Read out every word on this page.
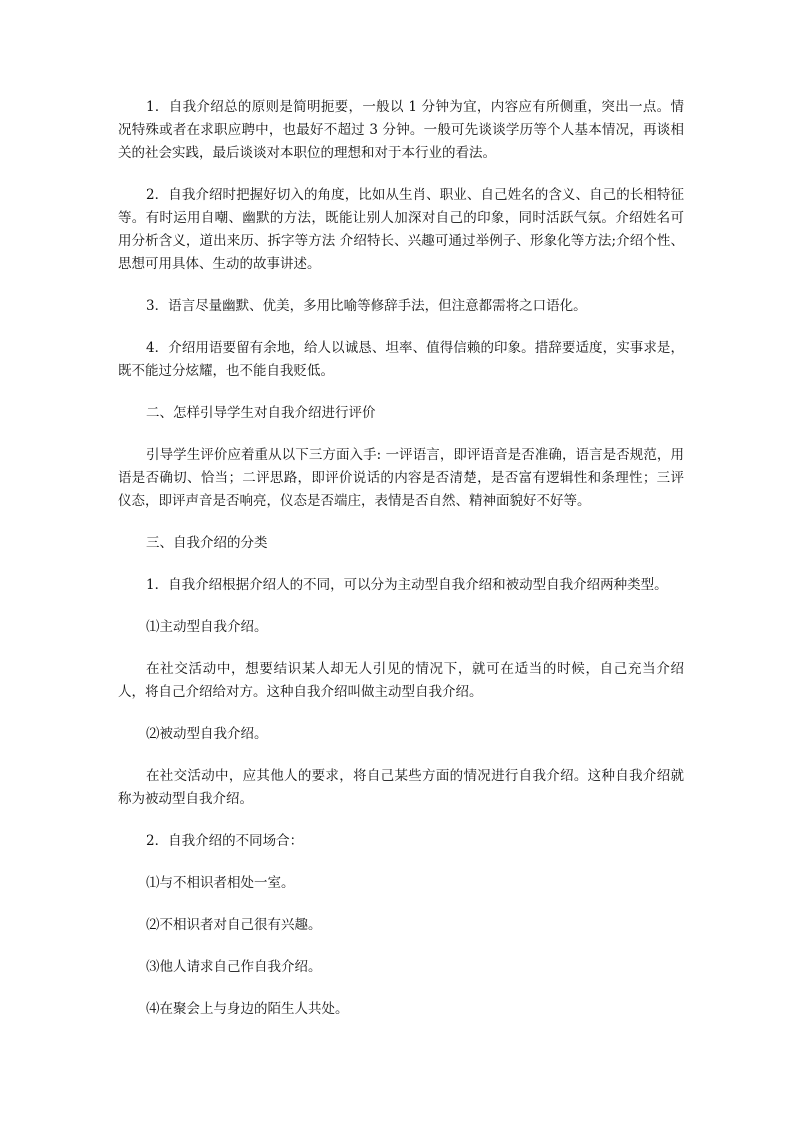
1．自我介绍总的原则是简明扼要，一般以 1 分钟为宜，内容应有所侧重，突出一点。情况特殊或者在求职应聘中，也最好不超过 3 分钟。一般可先谈谈学历等个人基本情况，再谈相关的社会实践，最后谈谈对本职位的理想和对于本行业的看法。

2．自我介绍时把握好切入的角度，比如从生肖、职业、自己姓名的含义、自己的长相特征等。有时运用自嘲、幽默的方法，既能让别人加深对自己的印象，同时活跃气氛。介绍姓名可用分析含义，道出来历、拆字等方法 介绍特长、兴趣可通过举例子、形象化等方法;介绍个性、思想可用具体、生动的故事讲述。

3．语言尽量幽默、优美，多用比喻等修辞手法，但注意都需将之口语化。

4．介绍用语要留有余地，给人以诚恳、坦率、值得信赖的印象。措辞要适度，实事求是，既不能过分炫耀，也不能自我贬低。

二、怎样引导学生对自我介绍进行评价

引导学生评价应着重从以下三方面入手: 一评语言，即评语音是否准确，语言是否规范，用语是否确切、恰当；二评思路，即评价说话的内容是否清楚，是否富有逻辑性和条理性；三评仪态，即评声音是否响亮，仪态是否端庄，表情是否自然、精神面貌好不好等。

三、自我介绍的分类

1．自我介绍根据介绍人的不同，可以分为主动型自我介绍和被动型自我介绍两种类型。

⑴主动型自我介绍。

在社交活动中，想要结识某人却无人引见的情况下，就可在适当的时候，自己充当介绍人，将自己介绍给对方。这种自我介绍叫做主动型自我介绍。

⑵被动型自我介绍。

在社交活动中，应其他人的要求，将自己某些方面的情况进行自我介绍。这种自我介绍就称为被动型自我介绍。

2．自我介绍的不同场合：

⑴与不相识者相处一室。

⑵不相识者对自己很有兴趣。

⑶他人请求自己作自我介绍。

⑷在聚会上与身边的陌生人共处。
